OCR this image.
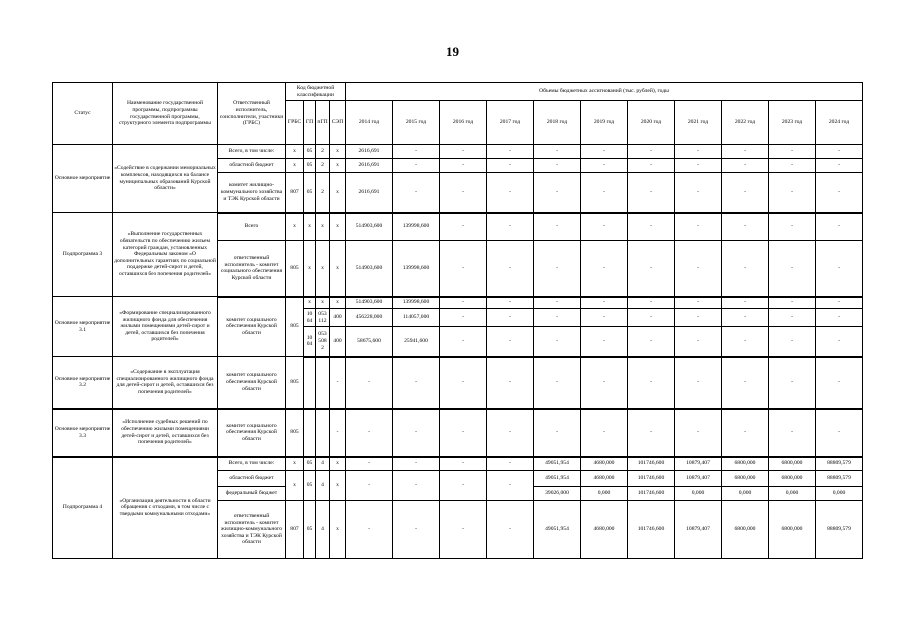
19
Статус	Наименование государственной программы, подпрограммы государственной программы, структурного элемента подпрограммы	Ответственный исполнитель, соисполнители, участники (ГРБС)	Код бюджетной классификации				Объемы бюджетных ассигнований (тыс. рублей), годы										
			ГРБС	ГП	пГП	СЭП	2014 год	2015 год	2016 год	2017 год	2018 год	2019 год	2020 год	2021 год	2022 год	2023 год	2024 год
Основное мероприятие	«Содействие в содержании мемориальных комплексов, находящихся на балансе муниципальных образований Курской области»	Всего, в том числе:	х	05	2	х	2616,691	-	-	-	-	-	-	-	-	-	-
		областной бюджет	х	05	2	х	2616,691	-	-	-	-	-	-	-	-	-	-
		комитет жилищно-коммунального хозяйства и ТЭК Курской области	807	05	2	х	2616,691	-	-	-	-	-	-	-	-	-	-
Подпрограмма 3	«Выполнение государственных обязательств по обеспечению жильем категорий граждан, установленных Федеральным законом «О дополнительных гарантиях по социальной поддержке детей-сирот и детей, оставшихся без попечения родителей»	Всего	х	х	х	х	514903,600	139998,600	-	-	-	-	-	-	-	-	-
		ответственный исполнитель - комитет социального обеспечения Курской области	805	х	х	х	514903,600	139998,600	-	-	-	-	-	-	-	-	-
Основное мероприятие 3.1	«Формирование специализированного жилищного фонда для обеспечения жилыми помещениями детей-сирот и детей, оставшихся без попечения родителей»	комитет социального обеспечения Курской области	805	х	х	х	514903,600	139998,600	-	-	-	-	-	-	-	-	-
				10 04	053 112	400	456228,000	114057,000	-	-	-	-	-	-	-	-	-
				10 04	053 508 2	400	58675,600	25941,600	-	-	-	-	-	-	-	-	-
Основное мероприятие 3.2	«Содержание в эксплуатация специализированного жилищного фонда для детей-сирот и детей, оставшихся без попечения родителей»	комитет социального обеспечения Курской области	805			-	-	-	-	-	-	-	-	-	-	-	-
Основное мероприятие 3.3	«Исполнение судебных решений по обеспечению жилыми помещениями детей-сирот и детей, оставшихся без попечения родителей»	комитет социального обеспечения Курской области	805			-	-	-	-	-	-	-	-	-	-	-	-
Подпрограмма 4	«Организация деятельности в области обращения с отходами, в том числе с твердыми коммунальными отходами»	Всего, в том числе:	х	05	4	х	-	-	-	-	49051,954	4680,000	101746,600	10879,407	6800,000	6800,000	88809,579
		областной бюджет	х	05	4	х	-	-	-	-	49051,954	4680,000	101746,600	10879,407	6800,000	6800,000	88809,579
		федеральный бюджет									39026,000	0,000	101746,600	0,000	0,000	0,000	0,000
		ответственный исполнитель - комитет жилищно-коммунального хозяйства и ТЭК Курской области	807	05	4	х	-	-	-	-	49051,954	4680,000	101746,600	10879,407	6800,000	6800,000	88809,579
